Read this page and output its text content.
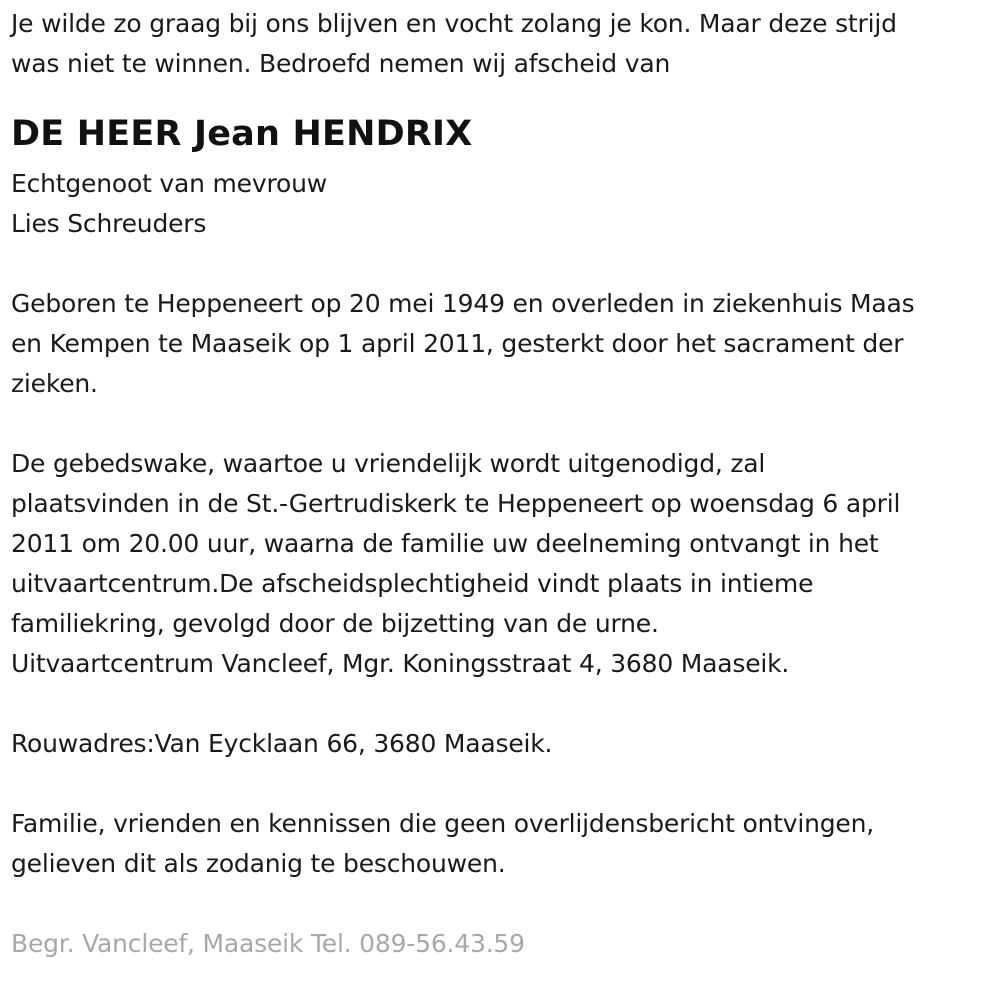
Je wilde zo graag bij ons blijven en vocht zolang je kon. Maar deze strijd
was niet te winnen. Bedroefd nemen wij afscheid van
DE HEER Jean HENDRIX
Echtgenoot van mevrouw
Lies Schreuders
Geboren te Heppeneert op 20 mei 1949 en overleden in ziekenhuis Maas
en Kempen te Maaseik op 1 april 2011, gesterkt door het sacrament der
zieken.
De gebedswake, waartoe u vriendelijk wordt uitgenodigd, zal
plaatsvinden in de St.-Gertrudiskerk te Heppeneert op woensdag 6 april
2011 om 20.00 uur, waarna de familie uw deelneming ontvangt in het
uitvaartcentrum.De afscheidsplechtigheid vindt plaats in intieme
familiekring, gevolgd door de bijzetting van de urne.
Uitvaartcentrum Vancleef, Mgr. Koningsstraat 4, 3680 Maaseik.
Rouwadres:Van Eycklaan 66, 3680 Maaseik.
Familie, vrienden en kennissen die geen overlijdensbericht ontvingen,
gelieven dit als zodanig te beschouwen.
Begr. Vancleef, Maaseik Tel. 089-56.43.59
